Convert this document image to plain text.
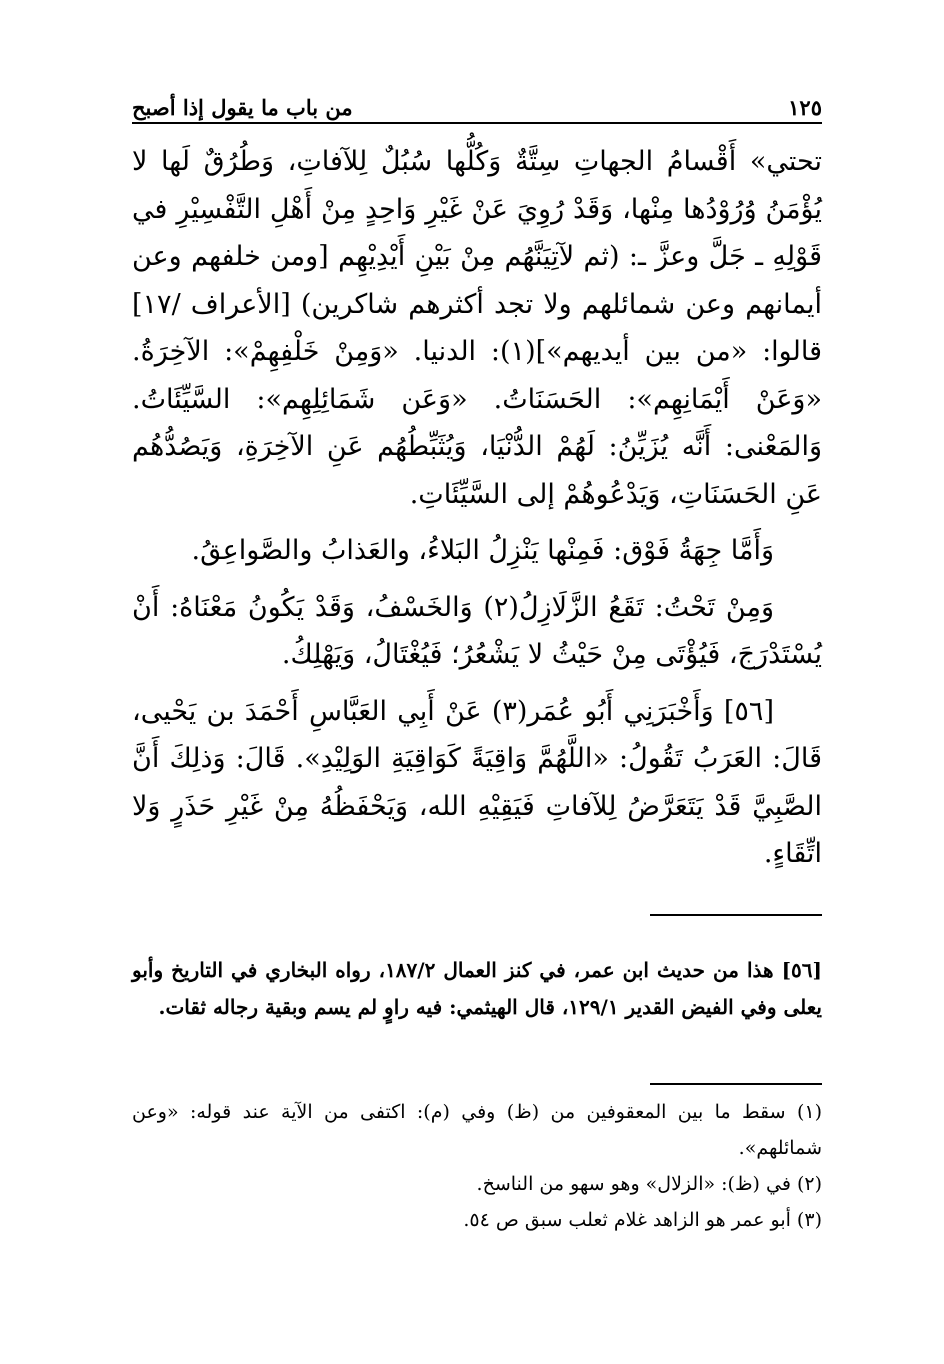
من باب ما يقول إذا أصبح	١٢٥

تحتي» أَقْسامُ الجهاتِ سِتَّةٌ وَكُلُّها سُبُلٌ لِلآفاتِ، وَطُرُقٌ لَها لا يُؤْمَنُ وُرُوْدُها مِنْها، وَقَدْ رُوِيَ عَنْ غَيْرِ وَاحِدٍ مِنْ أَهْلِ التَّفْسِيْرِ في قَوْلِهِ ـ جَلَّ وعزَّ ـ: (ثم لآتِيَنَّهُم مِنْ بَيْنِ أَيْدِيْهِم [ومن خلفهم وعن أيمانهم وعن شمائلهم ولا تجد أكثرهم شاكرين) [الأعراف /١٧] قالوا: «من بين أيديهم»](١): الدنيا. «وَمِنْ خَلْفِهِمْ»: الآخِرَةُ. «وَعَنْ أَيْمَانِهِم»: الحَسَنَاتُ. «وَعَن شَمَائِلِهِم»: السَّيِّئَاتُ. وَالمَعْنى: أَنَّه يُزَيِّنُ: لَهُمْ الدُّنْيَا، وَيُثَبِّطُهُم عَنِ الآخِرَةِ، وَيَصُدُّهُم عَنِ الحَسَنَاتِ، وَيَدْعُوهُمْ إلى السَّيِّئَاتِ.

وَأَمَّا جِهَةُ فَوْق: فَمِنْها يَنْزِلُ البَلاءُ، والعَذابُ والصَّواعِقُ.

وَمِنْ تَحْتُ: تَقَعُ الزَّلَازِلُ(٢) وَالخَسْفُ، وَقَدْ يَكُونُ مَعْنَاهُ: أَنْ يُسْتَدْرَجَ، فَيُؤْتَى مِنْ حَيْثُ لا يَشْعُرُ؛ فَيُغْتَالُ، وَيَهْلِكُ.

[٥٦] وَأَخْبَرَنِي أَبُو عُمَر(٣) عَنْ أَبِي العَبَّاسِ أَحْمَدَ بن يَحْيى، قَالَ: العَرَبُ تَقُولُ: «اللَّهُمَّ وَاقِيَةً كَوَاقِيَةِ الوَلِيْدِ». قَالَ: وَذلِكَ أَنَّ الصَّبِيَّ قَدْ يَتَعَرَّضُ لِلآفاتِ فَيَقِيْهِ الله، وَيَحْفَظُهُ مِنْ غَيْرِ حَذَرٍ وَلا اتِّقَاءٍ.

[٥٦] هذا من حديث ابن عمر، في كنز العمال ١٨٧/٢، رواه البخاري في التاريخ وأبو يعلى وفي الفيض القدير ١٢٩/١، قال الهيثمي: فيه راوٍ لم يسم وبقية رجاله ثقات.

(١) سقط ما بين المعقوفين من (ظ) وفي (م): اكتفى من الآية عند قوله: «وعن شمائلهم».

(٢) في (ظ): «الزلال» وهو سهو من الناسخ.

(٣) أبو عمر هو الزاهد غلام ثعلب سبق ص ٥٤.
